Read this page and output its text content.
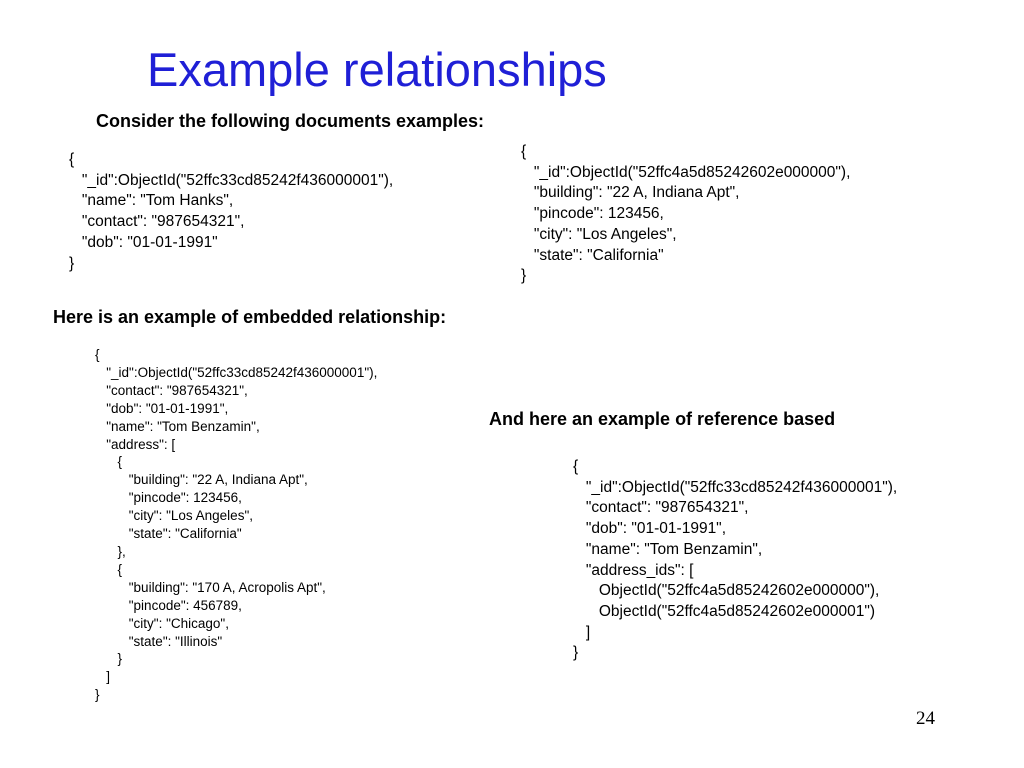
Example relationships

Consider the following documents examples:

{
"_id":ObjectId("52ffc33cd85242f436000001"),
"name": "Tom Hanks",
"contact": "987654321",
"dob": "01-01-1991"
}
{
"_id":ObjectId("52ffc4a5d85242602e000000"),
"building": "22 A, Indiana Apt",
"pincode": 123456,
"city": "Los Angeles",
"state": "California"
}

Here is an example of embedded relationship:

{
"_id":ObjectId("52ffc33cd85242f436000001"),
"contact": "987654321",
"dob": "01-01-1991",
"name": "Tom Benzamin",
"address": [
{
"building": "22 A, Indiana Apt",
"pincode": 123456,
"city": "Los Angeles",
"state": "California"
},
{
"building": "170 A, Acropolis Apt",
"pincode": 456789,
"city": "Chicago",
"state": "Illinois"
}
]
}

And here an example of reference based

{
"_id":ObjectId("52ffc33cd85242f436000001"),
"contact": "987654321",
"dob": "01-01-1991",
"name": "Tom Benzamin",
"address_ids": [
ObjectId("52ffc4a5d85242602e000000"),
ObjectId("52ffc4a5d85242602e000001")
]
}
24
